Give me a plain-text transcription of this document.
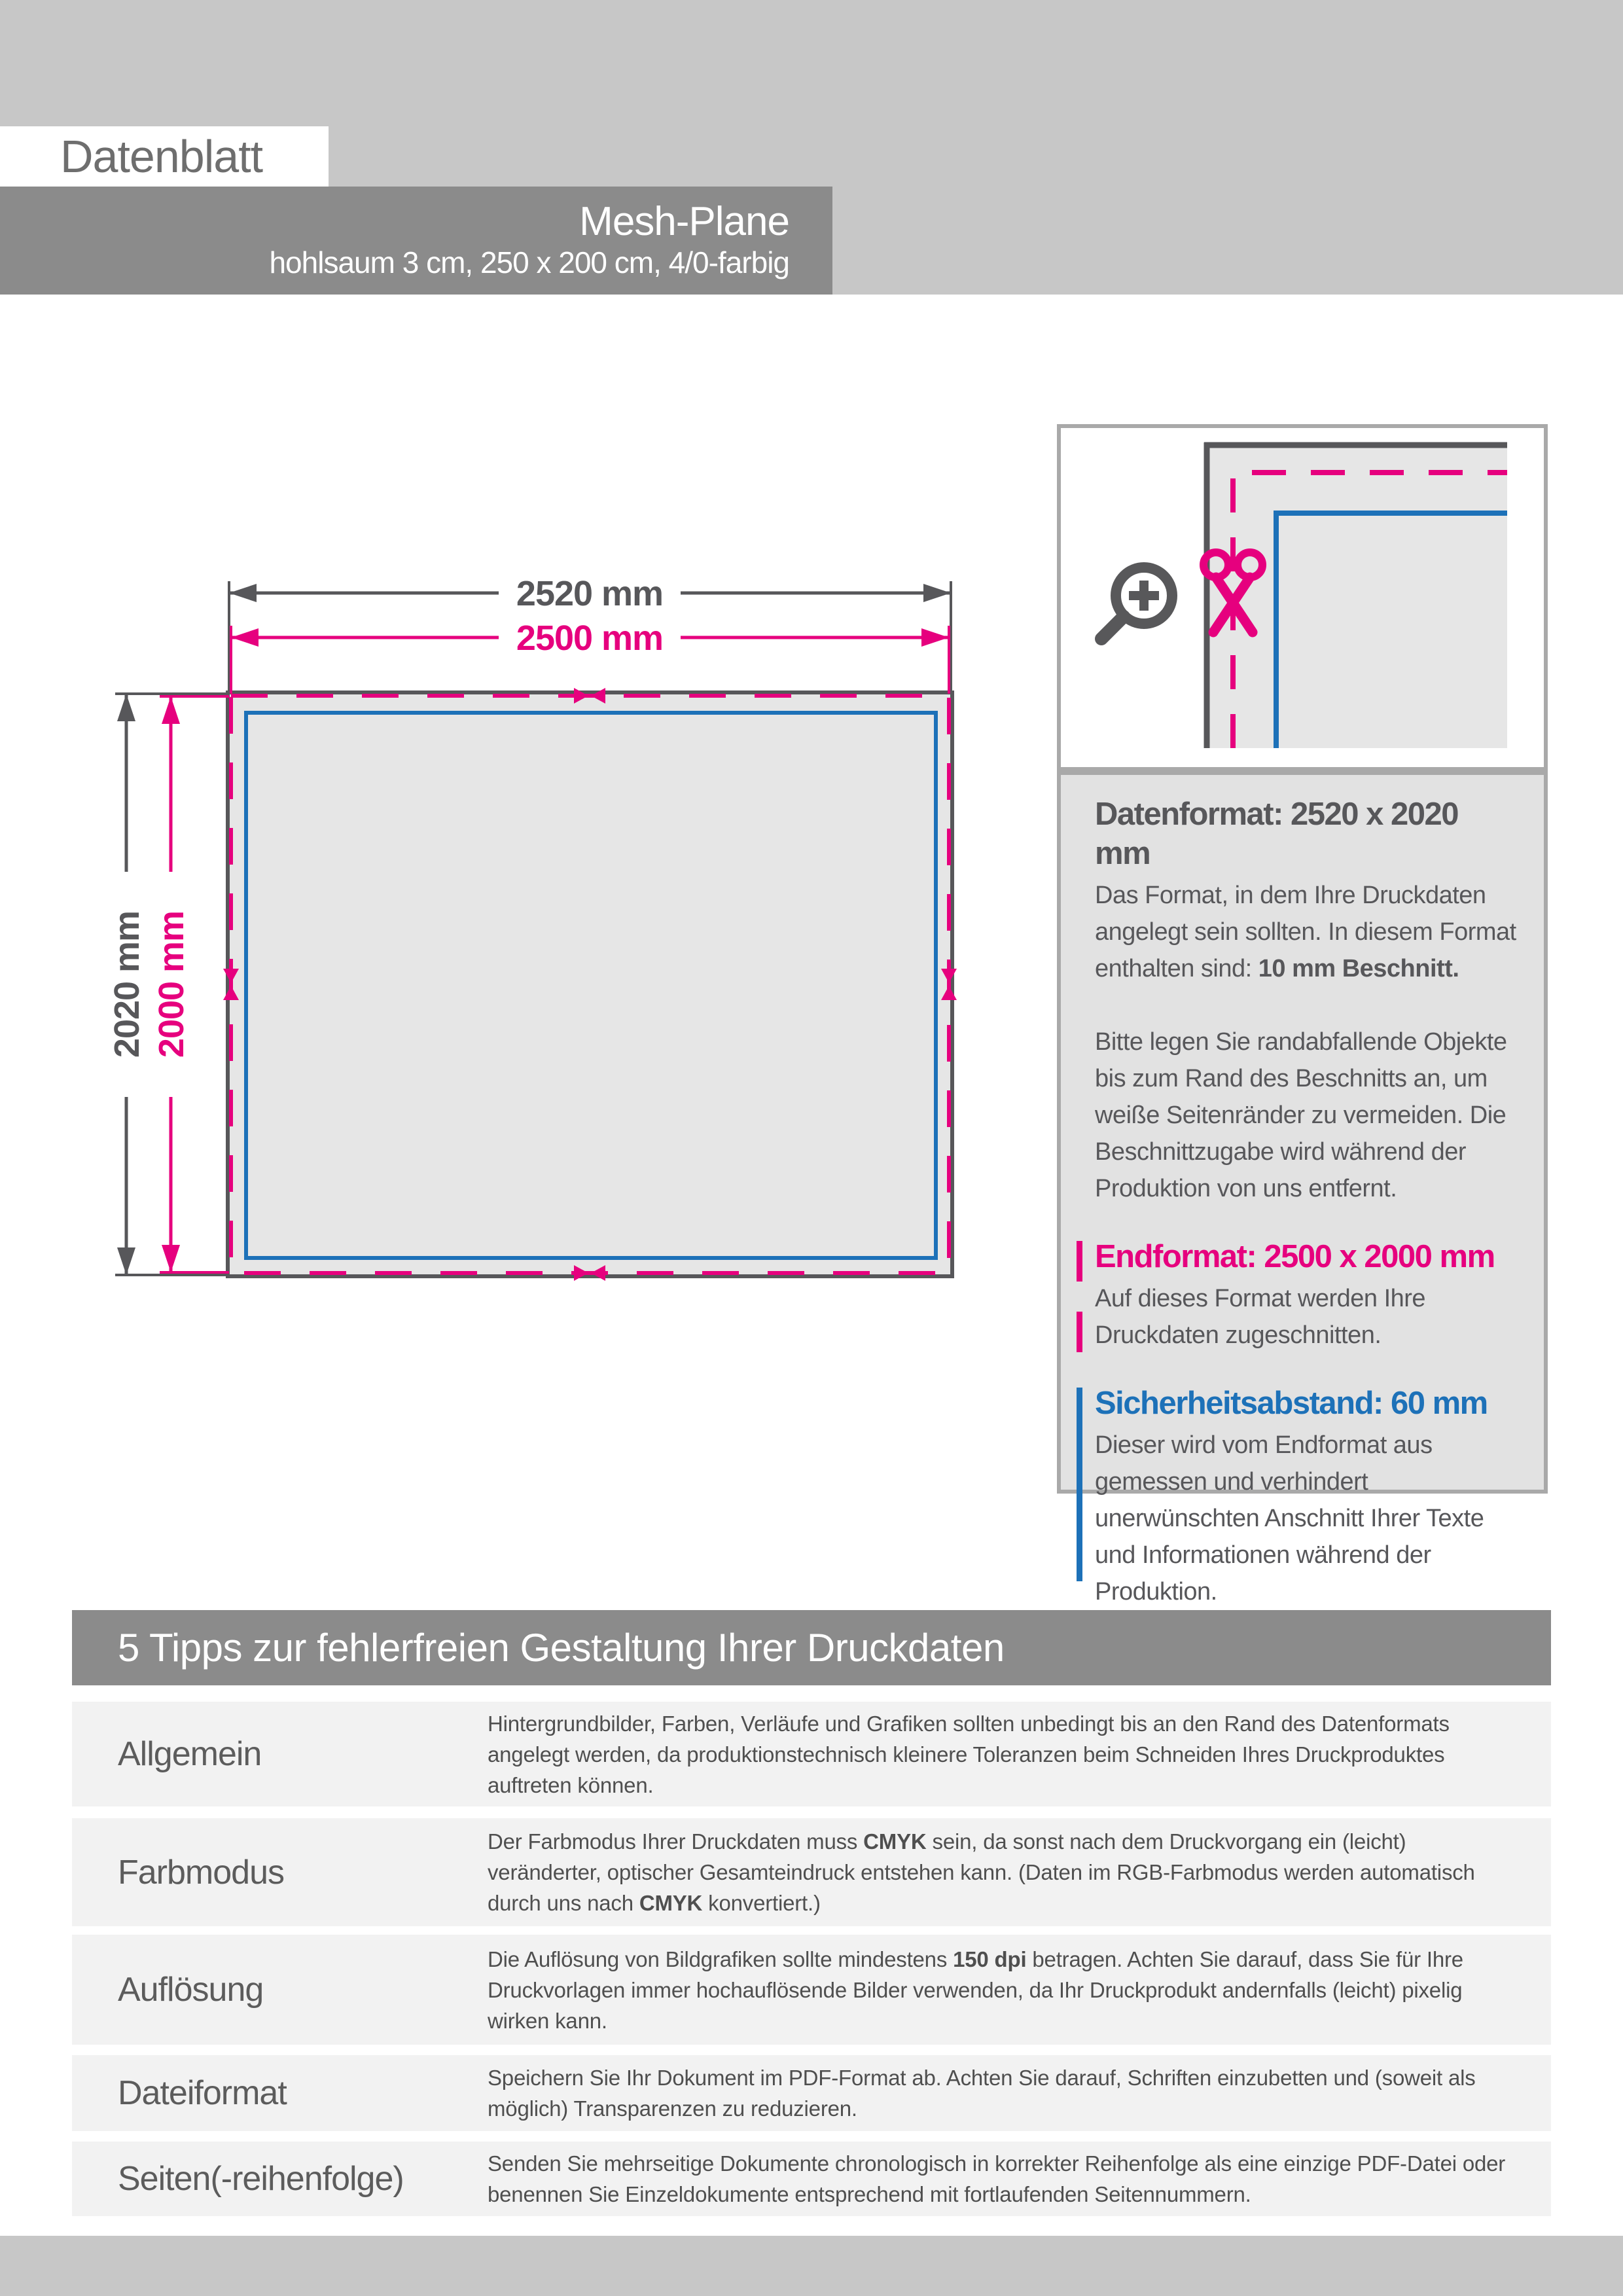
Datenblatt
Mesh-Plane
hohlsaum 3 cm, 250 x 200 cm, 4/0-farbig
2520 mm
2500 mm
2020 mm 2000 mm
Datenformat: 2520 x 2020 mm

Das Format, in dem Ihre Druckdaten angelegt sein sollten. In diesem Format enthalten sind: 10 mm Beschnitt.

Bitte legen Sie randabfallende Objekte bis zum Rand des Beschnitts an, um weiße Seitenränder zu vermeiden. Die Beschnittzugabe wird während der Produktion von uns entfernt.

Endformat: 2500 x 2000 mm

Auf dieses Format werden Ihre Druckdaten zugeschnitten.

Sicherheitsabstand: 60 mm

Dieser wird vom Endformat aus gemessen und verhindert unerwünschten Anschnitt Ihrer Texte und Informationen während der Produktion.

5 Tipps zur fehlerfreien Gestaltung Ihrer Druckdaten
Allgemein
Hintergrundbilder, Farben, Verläufe und Grafiken sollten unbedingt bis an den Rand des Datenformats angelegt werden, da produktionstechnisch kleinere Toleranzen beim Schneiden Ihres Druckproduktes auftreten können.
Farbmodus
Der Farbmodus Ihrer Druckdaten muss CMYK sein, da sonst nach dem Druckvorgang ein (leicht) veränderter, optischer Gesamteindruck entstehen kann. (Daten im RGB-Farbmodus werden automatisch durch uns nach CMYK konvertiert.)
Auflösung
Die Auflösung von Bildgrafiken sollte mindestens 150 dpi betragen. Achten Sie darauf, dass Sie für Ihre Druckvorlagen immer hochauflösende Bilder verwenden, da Ihr Druckprodukt andernfalls (leicht) pixelig wirken kann.
Dateiformat	Speichern Sie Ihr Dokument im PDF-Format ab. Achten Sie darauf, Schriften einzubetten und (soweit als möglich) Transparenzen zu reduzieren.
Seiten(-reihenfolge)	Senden Sie mehrseitige Dokumente chronologisch in korrekter Reihenfolge als eine einzige PDF-Datei oder benennen Sie Einzeldokumente entsprechend mit fortlaufenden Seitennummern.
